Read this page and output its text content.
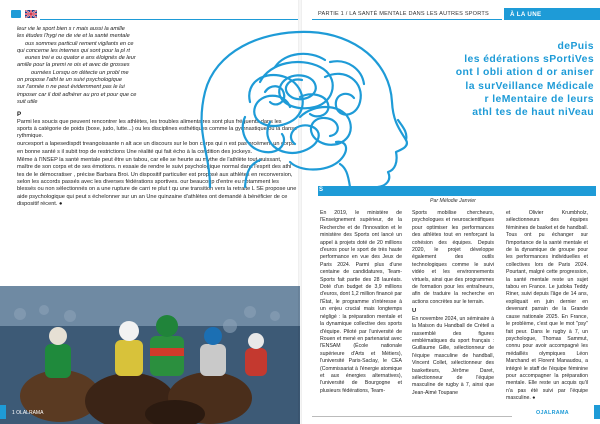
leur vie le sport bien s r mais aussi la amille
les études l'hygi ne de vie et la santé mentale
ous sommes particuli rement vigilants en ce
qui concerne les internes qui sont pour la pl rt
eunes trei e ou quator e ans éloignés de leur
amille pour la premi re ois et avec de grosses
ournées Lorsqu on détecte un probl me
on propose l'athl te un suivi psychologique
sur l'année n ne peut évidemment pas le lui
imposer car il doit adhérer au pro et pour que ce
suit utile
P
Parmi les soucis que peuvent rencontrer les athlètes, les troubles alimentaires sont plus fréquents dans les sports à catégorie de poids (boxe, judo, lutte...) ou les disciplines esthétiques comme la gymnastique ou la danse rythmique.
ourcesport a lapesedispdt treangoissante n alt ace un discours sur le bon corps qui n est pas orcément un corps en bonne santé s il subit trop de restrictions Une réalité qui fait écho à la condition des jockeys.
Même à l'INSEP la santé mentale peut être un tabou, car elle se heurte au mythe de l'athlète tout-puissant, maître de son corps et de ses émotions. n essaie de rendre le suivi psychologique normal dans l'esprit des athl tes de le démocratiser , précise Barbara Broi. Un dispositif particulier est proposé aux athlètes en reconversion, selon les accords passés avec les diverses fédérations sportives. our beaucoup d'entre eu notamment les blessés ou non sélectionnés on a une rupture de carri re plut t qu une transition vers la retraite L SE propose une aide psychologique qui peut s échelonner sur un an Une quinzaine d'athlètes ont demandé à bénéficier de ce dispositif récent. ●
1 OLALRAMA
PARTIE 1 / LA SANTÉ MENTALE DANS LES AUTRES SPORTS	À LA UNE
dePuis
les édérations sPortiVes
ont l obli ation d or aniser
la surVeillance Médicale
r leMentaire de leurs
athl tes de haut niVeau
S
Par Mélodie Janvier
En 2019, le ministère de l'Enseignement supérieur, de la Recherche et de l'Innovation et le ministère des Sports ont lancé un appel à projets doté de 20 millions d'euros pour le sport de très haute performance en vue des Jeux de Paris 2024. Parmi plus d'une centaine de candidatures, Team-Sports fait partie des 28 lauréats. Doté d'un budget de 3,9 millions d'euros, dont 1,2 million financé par l'État, le programme s'intéresse à un enjeu crucial mais longtemps négligé : la préparation mentale et la dynamique collective des sports d'équipe. Piloté par l'université de Rouen et mené en partenariat avec l'ENSAM (École nationale supérieure d'Arts et Métiers), l'université Paris-Saclay, le CEA (Commissariat à l'énergie atomique et aux énergies alternatives), l'université de Bourgogne et plusieurs fédérations, Team-
Sports mobilise chercheurs, psychologues et neuroscientifiques pour optimiser les performances des athlètes tout en renforçant la cohésion des équipes. Depuis 2020, le projet développe également des outils technologiques comme le suivi vidéo et les environnements virtuels, ainsi que des programmes de formation pour les entraîneurs, afin de traduire la recherche en actions concrètes sur le terrain.
U
En novembre 2024, un séminaire à la Maison du Handball de Créteil a rassemblé des figures emblématiques du sport français : Guillaume Gille, sélectionneur de l'équipe masculine de handball, Vincent Collet, sélectionneur des basketteurs, Jérôme Daret, sélectionneur de l'équipe masculine de rugby à 7, ainsi que Jean-Aimé Toupane
et Olivier Krumbholz, sélectionneurs des équipes féminines de basket et de handball. Tous ont pu échanger sur l'importance de la santé mentale et de la dynamique de groupe pour les performances individuelles et collectives lors de Paris 2024. Pourtant, malgré cette progression, la santé mentale reste un sujet tabou en France. Le judoka Teddy Riner, suivi depuis l'âge de 14 ans, expliquait en juin dernier en devenant parrain de la Grande cause nationale 2025. En France, le problème, c'est que le mot "psy" fait peur. Dans le rugby à 7, un psychologue, Thomas Sammut, connu pour avoir accompagné les médaillés olympiques Léon Marchand et Florent Manaudou, a intégré le staff de l'équipe féminine pour accompagner la préparation mentale. Elle reste un acquis qu'il n'a pas été suivi par l'équipe masculine. ●
OJALRAMA
